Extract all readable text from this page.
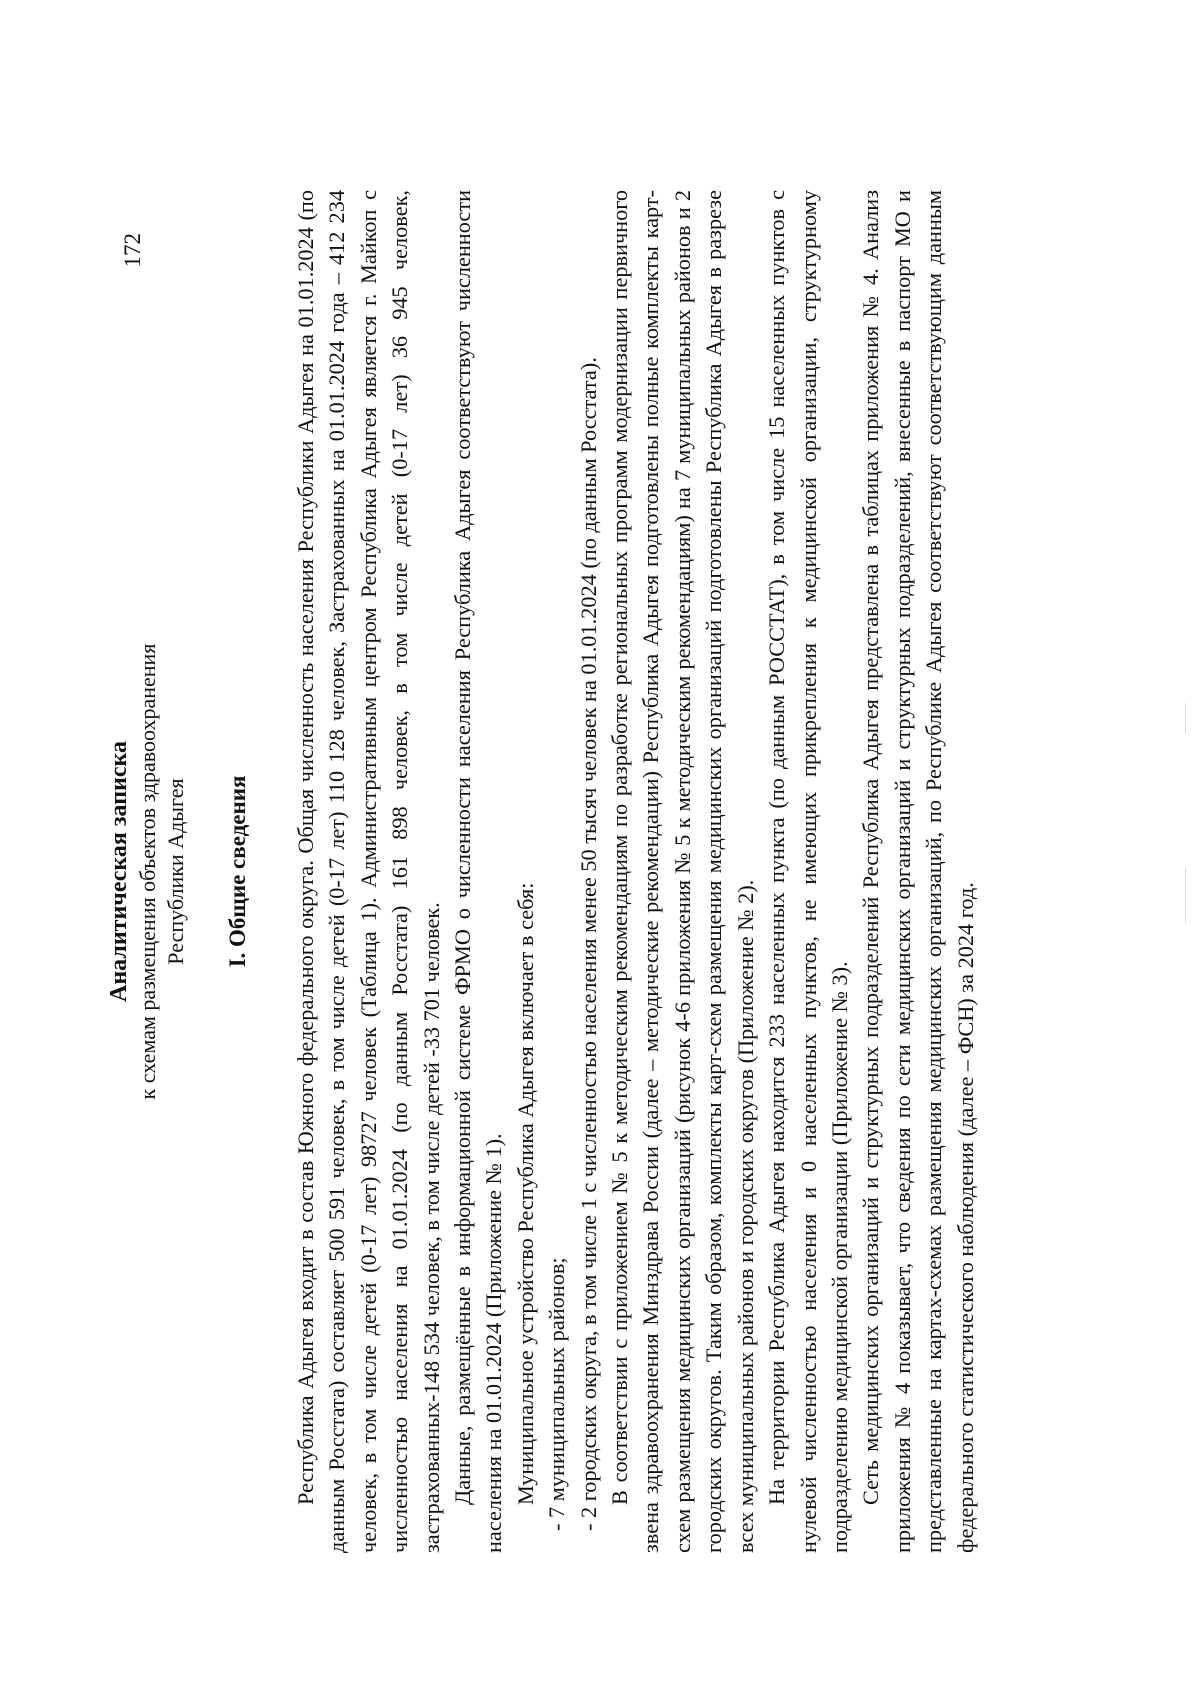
Аналитическая записка к схемам размещения объектов здравоохранения Республики Адыгея I. Общие сведения Республика Адыгея входит в состав Южного федерального округа. Общая численность населения Республики Адыгея на 01.01.2024 (по данным Росстата) составляет 500 591 человек, в том числе детей (0-17 лет) 110 128 человек, Застрахованных на 01.01.2024 года – 412 234 человек, в том числе детей (0-17 лет) 98727 человек (Таблица 1). Административным центром Республика Адыгея является г. Майкоп с численностью населения на 01.01.2024 (по данным Росстата) 161 898 человек, в том числе детей (0-17 лет) 36 945 человек, застрахованных-148 534 человек, в том числе детей -33 701 человек. Данные, размещённые в информационной системе ФРМО о численности населения Республика Адыгея соответствуют численности населения на 01.01.2024 (Приложение № 1). Муниципальное устройство Республика Адыгея включает в себя: - 7 муниципальных районов; - 2 городских округа, в том числе 1 с численностью населения менее 50 тысяч человек на 01.01.2024 (по данным Росстата). В соответствии с приложением № 5 к методическим рекомендациям по разработке региональных программ модернизации первичного звена здравоохранения Минздрава России (далее – методические рекомендации) Республика Адыгея подготовлены полные комплекты карт-схем размещения медицинских организаций (рисунок 4-6 приложения № 5 к методическим рекомендациям) на 7 муниципальных районов и 2 городских округов. Таким образом, комплекты карт-схем размещения медицинских организаций подготовлены Республика Адыгея в разрезе всех муниципальных районов и городских округов (Приложение № 2). На территории Республика Адыгея находится 233 населенных пункта (по данным РОССТАТ), в том числе 15 населенных пунктов с нулевой численностью населения и 0 населенных пунктов, не имеющих прикрепления к медицинской организации, структурному подразделению медицинской организации (Приложение № 3). Сеть медицинских организаций и структурных подразделений Республика Адыгея представлена в таблицах приложения № 4. Анализ приложения № 4 показывает, что сведения по сети медицинских организаций и структурных подразделений, внесенные в паспорт МО и представленные на картах-схемах размещения медицинских организаций, по Республике Адыгея соответствуют соответствующим данным федерального статистического наблюдения (далее – ФСН) за 2024 год.

172
